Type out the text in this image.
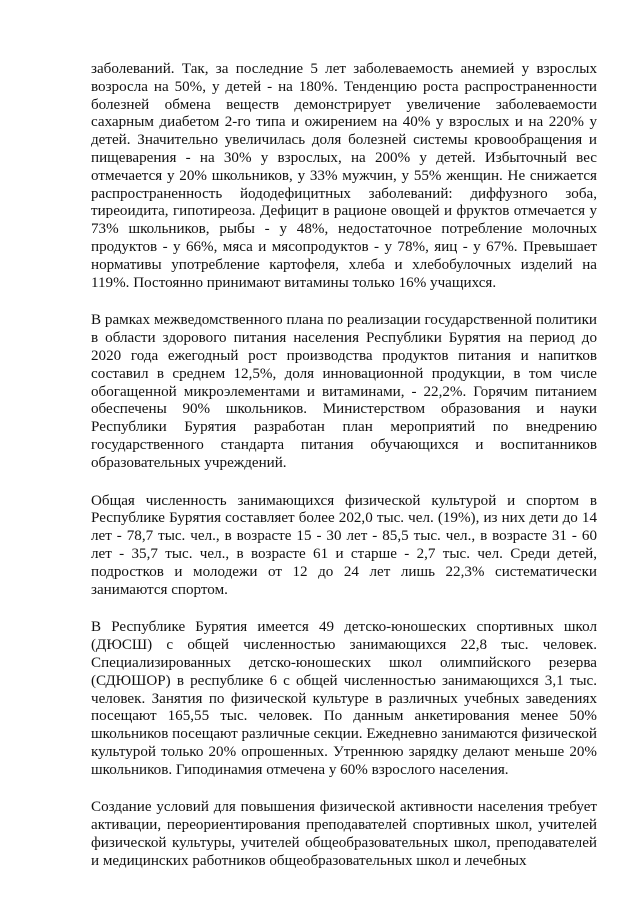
заболеваний. Так, за последние 5 лет заболеваемость анемией у взрослых возросла на 50%, у детей - на 180%. Тенденцию роста распространенности болезней обмена веществ демонстрирует увеличение заболеваемости сахарным диабетом 2-го типа и ожирением на 40% у взрослых и на 220% у детей. Значительно увеличилась доля болезней системы кровообращения и пищеварения - на 30% у взрослых, на 200% у детей. Избыточный вес отмечается у 20% школьников, у 33% мужчин, у 55% женщин. Не снижается распространенность йододефицитных заболеваний: диффузного зоба, тиреоидита, гипотиреоза. Дефицит в рационе овощей и фруктов отмечается у 73% школьников, рыбы - у 48%, недостаточное потребление молочных продуктов - у 66%, мяса и мясопродуктов - у 78%, яиц - у 67%. Превышает нормативы употребление картофеля, хлеба и хлебобулочных изделий на 119%. Постоянно принимают витамины только 16% учащихся.

В рамках межведомственного плана по реализации государственной политики в области здорового питания населения Республики Бурятия на период до 2020 года ежегодный рост производства продуктов питания и напитков составил в среднем 12,5%, доля инновационной продукции, в том числе обогащенной микроэлементами и витаминами, - 22,2%. Горячим питанием обеспечены 90% школьников. Министерством образования и науки Республики Бурятия разработан план мероприятий по внедрению государственного стандарта питания обучающихся и воспитанников образовательных учреждений.

Общая численность занимающихся физической культурой и спортом в Республике Бурятия составляет более 202,0 тыс. чел. (19%), из них дети до 14 лет - 78,7 тыс. чел., в возрасте 15 - 30 лет - 85,5 тыс. чел., в возрасте 31 - 60 лет - 35,7 тыс. чел., в возрасте 61 и старше - 2,7 тыс. чел. Среди детей, подростков и молодежи от 12 до 24 лет лишь 22,3% систематически занимаются спортом.

В Республике Бурятия имеется 49 детско-юношеских спортивных школ (ДЮСШ) с общей численностью занимающихся 22,8 тыс. человек. Специализированных детско-юношеских школ олимпийского резерва (СДЮШОР) в республике 6 с общей численностью занимающихся 3,1 тыс. человек. Занятия по физической культуре в различных учебных заведениях посещают 165,55 тыс. человек. По данным анкетирования менее 50% школьников посещают различные секции. Ежедневно занимаются физической культурой только 20% опрошенных. Утреннюю зарядку делают меньше 20% школьников. Гиподинамия отмечена у 60% взрослого населения.

Создание условий для повышения физической активности населения требует активации, переориентирования преподавателей спортивных школ, учителей физической культуры, учителей общеобразовательных школ, преподавателей и медицинских работников общеобразовательных школ и лечебных
